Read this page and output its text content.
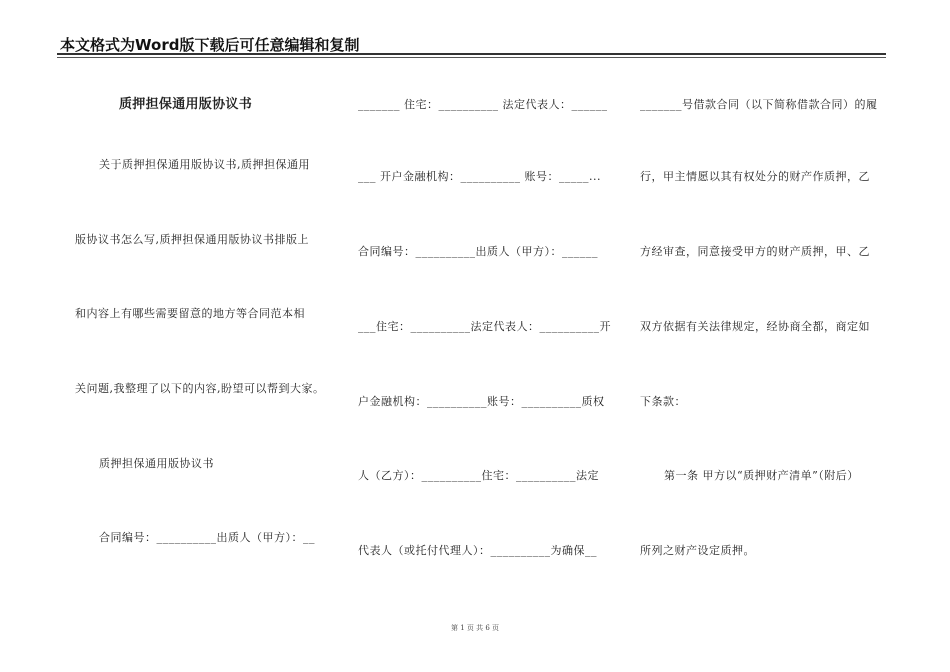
本文格式为Word版下载后可任意编辑和复制
质押担保通用版协议书
关于质押担保通用版协议书,质押担保通用
版协议书怎么写,质押担保通用版协议书排版上
和内容上有哪些需要留意的地方等合同范本相
关问题,我整理了以下的内容,盼望可以帮到大家。
质押担保通用版协议书
合同编号：__________出质人（甲方）：__
_______ 住宅：__________ 法定代表人：______
___ 开户金融机构：__________ 账号：_____...
合同编号：__________出质人（甲方）：______
___住宅：__________法定代表人：__________开
户金融机构：__________账号：__________质权
人（乙方）：__________住宅：__________法定
代表人（或托付代理人）：__________为确保__
_______号借款合同（以下简称借款合同）的履
行，甲主情愿以其有权处分的财产作质押，乙
方经审查，同意接受甲方的财产质押，甲、乙
双方依据有关法律规定，经协商全都，商定如
下条款：
第一条 甲方以“质押财产清单”（附后）
所列之财产设定质押。
第 1 页 共 6 页
